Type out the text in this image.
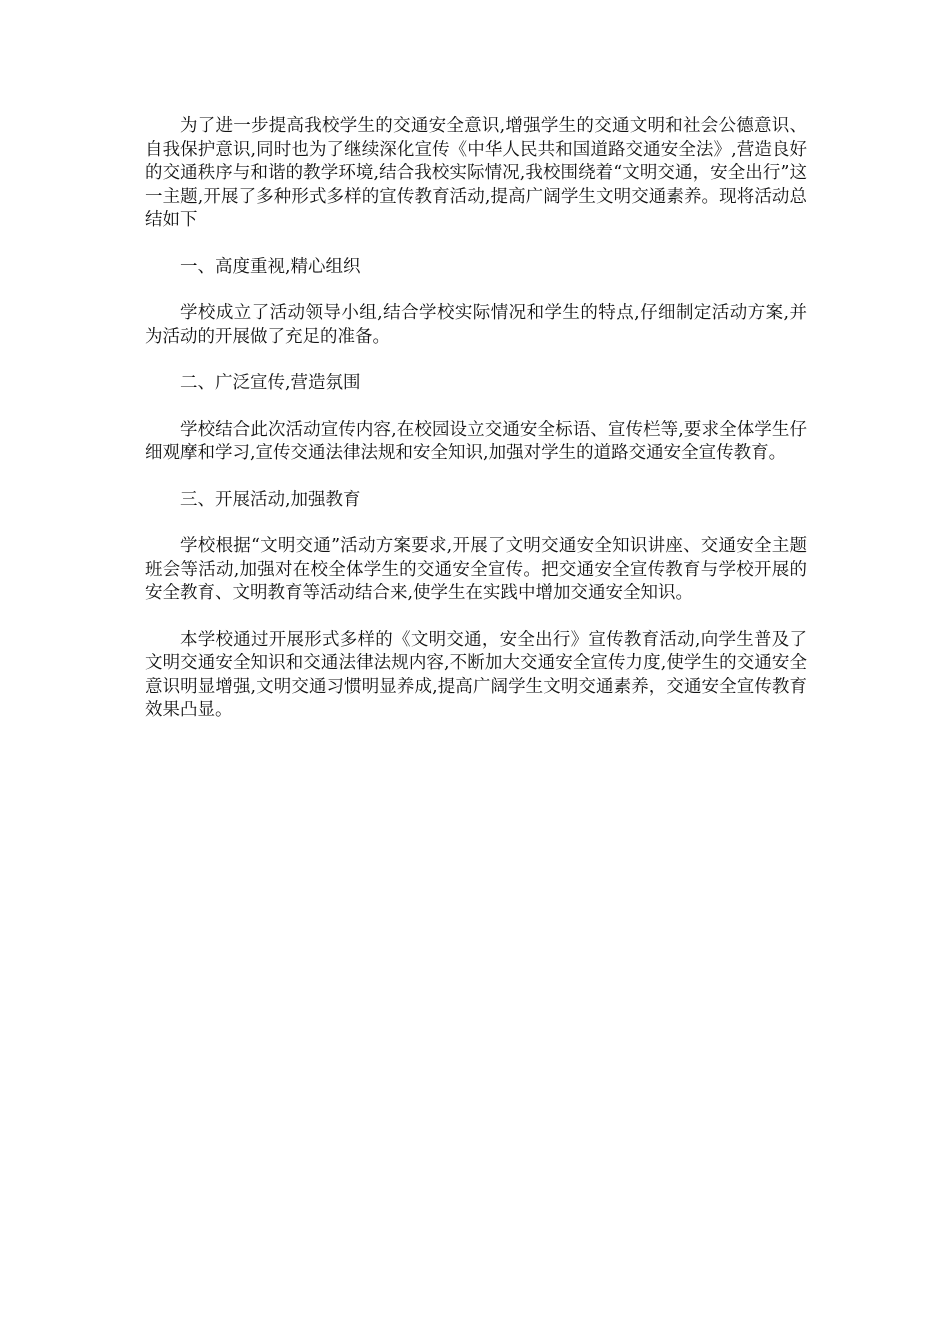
为了进一步提高我校学生的交通安全意识,增强学生的交通文明和社会公德意识、自我保护意识,同时也为了继续深化宣传《中华人民共和国道路交通安全法》,营造良好的交通秩序与和谐的教学环境,结合我校实际情况,我校围绕着“文明交通，安全出行”这一主题,开展了多种形式多样的宣传教育活动,提高广阔学生文明交通素养。现将活动总结如下

一、高度重视,精心组织

学校成立了活动领导小组,结合学校实际情况和学生的特点,仔细制定活动方案,并为活动的开展做了充足的准备。

二、广泛宣传,营造氛围

学校结合此次活动宣传内容,在校园设立交通安全标语、宣传栏等,要求全体学生仔细观摩和学习,宣传交通法律法规和安全知识,加强对学生的道路交通安全宣传教育。

三、开展活动,加强教育

学校根据“文明交通”活动方案要求,开展了文明交通安全知识讲座、交通安全主题班会等活动,加强对在校全体学生的交通安全宣传。把交通安全宣传教育与学校开展的安全教育、文明教育等活动结合来,使学生在实践中增加交通安全知识。

本学校通过开展形式多样的《文明交通，安全出行》宣传教育活动,向学生普及了文明交通安全知识和交通法律法规内容,不断加大交通安全宣传力度,使学生的交通安全意识明显增强,文明交通习惯明显养成,提高广阔学生文明交通素养，交通安全宣传教育效果凸显。
